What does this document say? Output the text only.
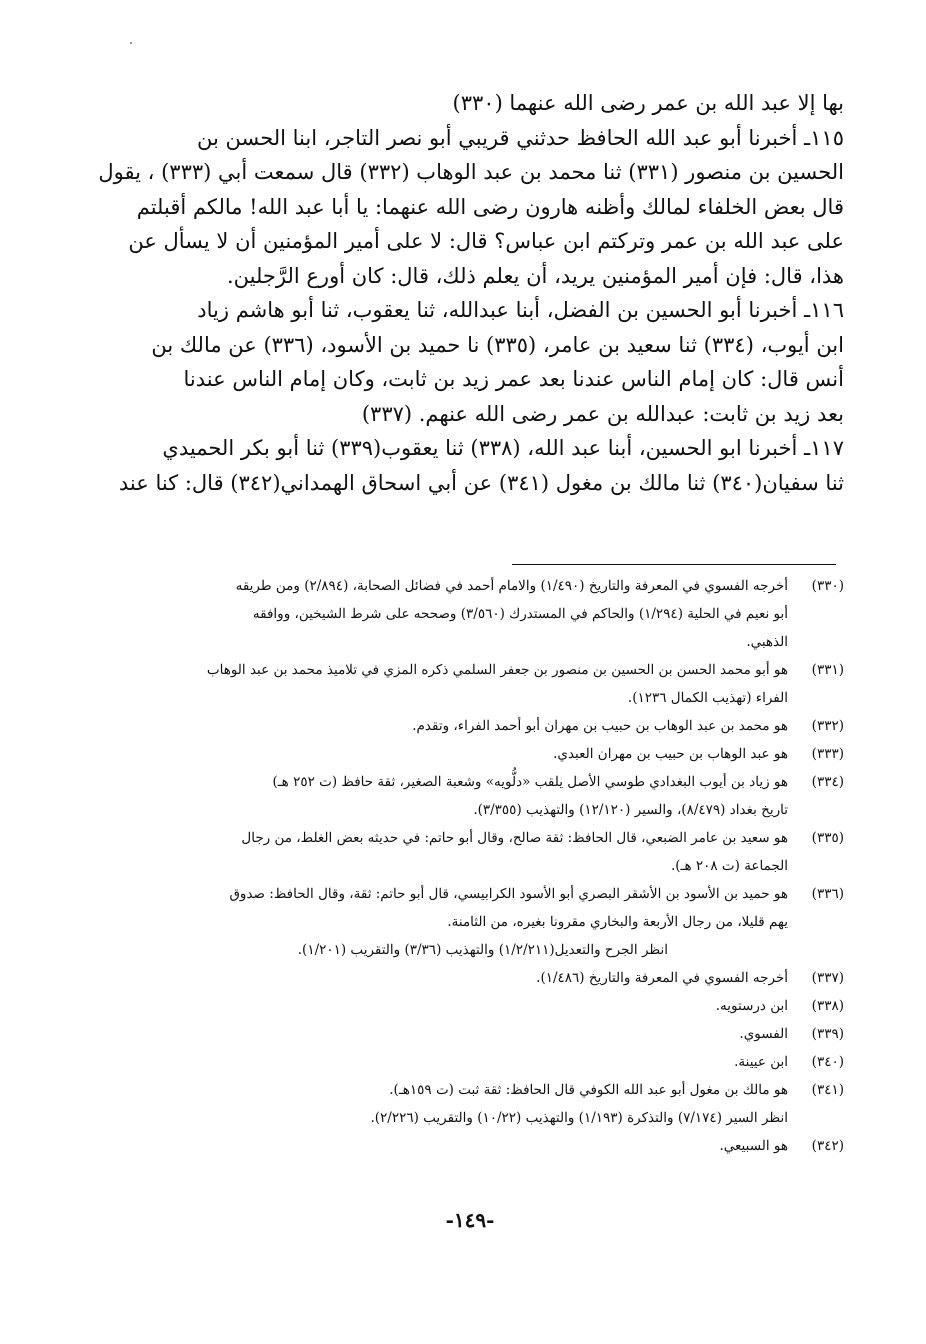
بها إلا عبد الله بن عمر رضى الله عنهما (٣٣٠)
١١٥ـ أخبرنا أبو عبد الله الحافظ حدثني قريبي أبو نصر التاجر، ابنا الحسن بن
الحسين بن منصور (٣٣١) ثنا محمد بن عبد الوهاب (٣٣٢) قال سمعت أبي (٣٣٣) ، يقول
قال بعض الخلفاء لمالك وأظنه هارون رضى الله عنهما: يا أبا عبد الله! مالكم أقبلتم
على عبد الله بن عمر وتركتم ابن عباس؟ قال: لا على أمير المؤمنين أن لا يسأل عن
هذا، قال: فإن أمير المؤمنين يريد، أن يعلم ذلك، قال: كان أورع الرَّجلين.
١١٦ـ أخبرنا أبو الحسين بن الفضل، أبنا عبدالله، ثنا يعقوب، ثنا أبو هاشم زياد
ابن أيوب، (٣٣٤) ثنا سعيد بن عامر، (٣٣٥) نا حميد بن الأسود، (٣٣٦) عن مالك بن
أنس قال: كان إمام الناس عندنا بعد عمر زيد بن ثابت، وكان إمام الناس عندنا
بعد زيد بن ثابت: عبدالله بن عمر رضى الله عنهم. (٣٣٧)
١١٧ـ أخبرنا ابو الحسين، أبنا عبد الله، (٣٣٨) ثنا يعقوب(٣٣٩) ثنا أبو بكر الحميدي
ثنا سفيان(٣٤٠) ثنا مالك بن مغول (٣٤١) عن أبي اسحاق الهمداني(٣٤٢) قال: كنا عند
(٣٣٠)
أخرجه الفسوي في المعرفة والتاريخ (١/٤٩٠) والامام أحمد في فضائل الصحابة، (٢/٨٩٤) ومن طريقه
أبو نعيم في الحلية (١/٢٩٤) والحاكم في المستدرك (٣/٥٦٠) وصححه على شرط الشيخين، ووافقه
الذهبي.
(٣٣١)
هو أبو محمد الحسن بن الحسين بن منصور بن جعفر السلمي ذكره المزي في تلاميذ محمد بن عبد الوهاب
الفراء (تهذيب الكمال ١٢٣٦).
(٣٣٢)
هو محمد بن عبد الوهاب بن حبيب بن مهران أبو أحمد الفراء، وتقدم.
(٣٣٣)
هو عبد الوهاب بن حبيب بن مهران العبدي.
(٣٣٤)
هو زياد بن أيوب البغدادي طوسي الأصل يلقب «دلُّويه» وشعبة الصغير، ثقة حافظ (ت ٢٥٢ هـ)
تاريخ بغداد (٨/٤٧٩)، والسير (١٢/١٢٠) والتهذيب (٣/٣٥٥).
(٣٣٥)
هو سعيد بن عامر الضبعي، قال الحافظ: ثقة صالح، وقال أبو حاتم: في حديثه بعض الغلط، من رجال
الجماعة (ت ٢٠٨ هـ).
(٣٣٦)
هو حميد بن الأسود بن الأشقر البصري أبو الأسود الكرابيسي، قال أبو حاتم: ثقة، وقال الحافظ: صدوق
يهم قليلا، من رجال الأربعة والبخاري مقرونا بغيره، من الثامنة.
انظر الجرح والتعديل(١/٢/٢١١) والتهذيب (٣/٣٦) والتقريب (١/٢٠١).
(٣٣٧)
أخرجه الفسوي في المعرفة والتاريخ (١/٤٨٦).
(٣٣٨)
ابن درستويه.
(٣٣٩)
الفسوي.
(٣٤٠)
ابن عيينة.
(٣٤١)
هو مالك بن مغول أبو عبد الله الكوفي قال الحافظ: ثقة ثبت (ت ١٥٩هـ).
انظر السير (٧/١٧٤) والتذكرة (١/١٩٣) والتهذيب (١٠/٢٢) والتقريب (٢/٢٢٦).
(٣٤٢)
هو السبيعي.
-١٤٩-
